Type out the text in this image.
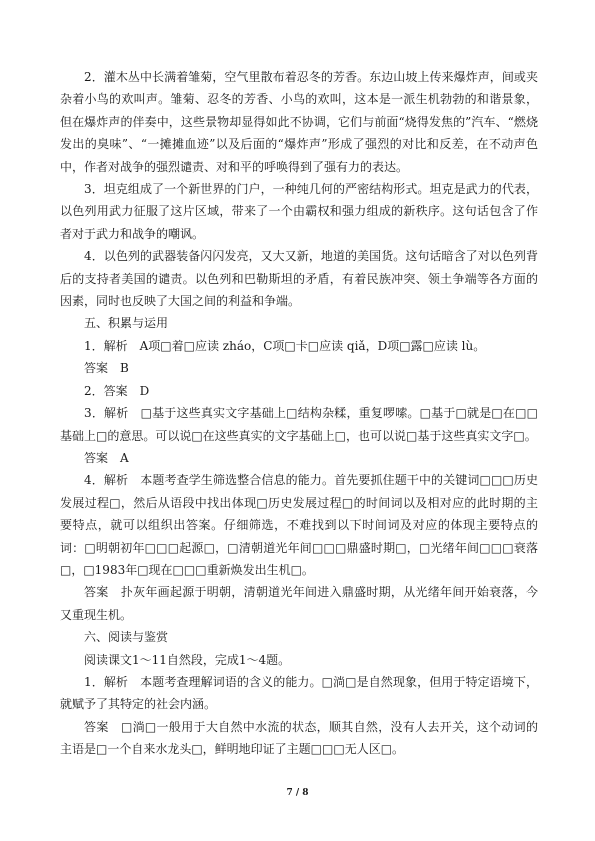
2．灌木丛中长满着雏菊，空气里散布着忍冬的芳香。东边山坡上传来爆炸声，间或夹杂着小鸟的欢叫声。雏菊、忍冬的芳香、小鸟的欢叫，这本是一派生机勃勃的和谐景象，但在爆炸声的伴奏中，这些景物却显得如此不协调，它们与前面“烧得发焦的”汽车、“燃烧发出的臭味”、“一摊摊血迹”以及后面的“爆炸声”形成了强烈的对比和反差，在不动声色中，作者对战争的强烈谴责、对和平的呼唤得到了强有力的表达。

3．坦克组成了一个新世界的门户，一种纯几何的严密结构形式。坦克是武力的代表，以色列用武力征服了这片区域，带来了一个由霸权和强力组成的新秩序。这句话包含了作者对于武力和战争的嘲讽。

4．以色列的武器装备闪闪发亮，又大又新，地道的美国货。这句话暗含了对以色列背后的支持者美国的谴责。以色列和巴勒斯坦的矛盾，有着民族冲突、领土争端等各方面的因素，同时也反映了大国之间的利益和争端。

五、积累与运用

1．解析　A项□着□应读 zháo，C项□卡□应读 qiǎ，D项□露□应读 lù。

答案　B

2．答案　D

3．解析　□基于这些真实文字基础上□结构杂糅，重复啰嗦。□基于□就是□在□□基础上□的意思。可以说□在这些真实的文字基础上□，也可以说□基于这些真实文字□。

答案　A

4．解析　本题考查学生筛选整合信息的能力。首先要抓住题干中的关键词□□□历史发展过程□，然后从语段中找出体现□历史发展过程□的时间词以及相对应的此时期的主要特点，就可以组织出答案。仔细筛选，不难找到以下时间词及对应的体现主要特点的词：□明朝初年□□□起源□，□清朝道光年间□□□鼎盛时期□，□光绪年间□□□衰落□，□1983年□现在□□□重新焕发出生机□。

答案　扑灰年画起源于明朝，清朝道光年间进入鼎盛时期，从光绪年间开始衰落，今又重现生机。

六、阅读与鉴赏

阅读课文1～11自然段，完成1～4题。

1．解析　本题考查理解词语的含义的能力。□淌□是自然现象，但用于特定语境下，就赋予了其特定的社会内涵。

答案　□淌□一般用于大自然中水流的状态，顺其自然，没有人去开关，这个动词的主语是□一个自来水龙头□，鲜明地印证了主题□□□无人区□。

7 / 8
